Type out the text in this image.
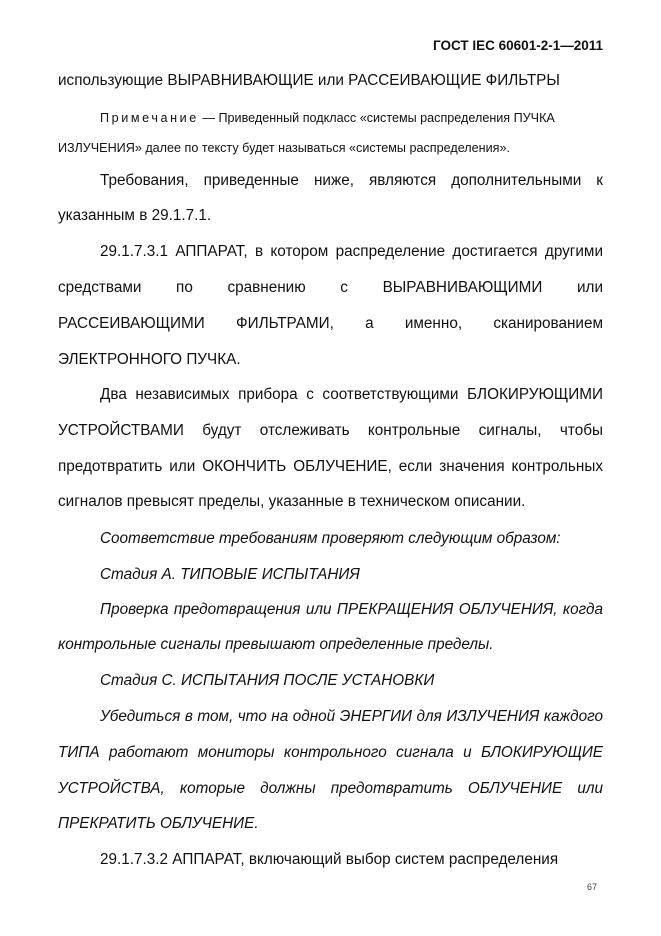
ГОСТ IEC 60601-2-1—2011
использующие ВЫРАВНИВАЮЩИЕ или РАССЕИВАЮЩИЕ ФИЛЬТРЫ
Примечание — Приведенный подкласс «системы распределения ПУЧКА
ИЗЛУЧЕНИЯ» далее по тексту будет называться «системы распределения».
Требования, приведенные ниже, являются дополнительными к
указанным в 29.1.7.1.
29.1.7.3.1 АППАРАТ, в котором распределение достигается другими
средствами по сравнению с ВЫРАВНИВАЮЩИМИ или
РАССЕИВАЮЩИМИ ФИЛЬТРАМИ, а именно, сканированием
ЭЛЕКТРОННОГО ПУЧКА.
Два независимых прибора с соответствующими БЛОКИРУЮЩИМИ
УСТРОЙСТВАМИ будут отслеживать контрольные сигналы, чтобы
предотвратить или ОКОНЧИТЬ ОБЛУЧЕНИЕ, если значения контрольных
сигналов превысят пределы, указанные в техническом описании.
Соответствие требованиям проверяют следующим образом:
Стадия А. ТИПОВЫЕ ИСПЫТАНИЯ
Проверка предотвращения или ПРЕКРАЩЕНИЯ ОБЛУЧЕНИЯ, когда
контрольные сигналы превышают определенные пределы.
Стадия С. ИСПЫТАНИЯ ПОСЛЕ УСТАНОВКИ
Убедиться в том, что на одной ЭНЕРГИИ для ИЗЛУЧЕНИЯ каждого
ТИПА работают мониторы контрольного сигнала и БЛОКИРУЮЩИЕ
УСТРОЙСТВА, которые должны предотвратить ОБЛУЧЕНИЕ или
ПРЕКРАТИТЬ ОБЛУЧЕНИЕ.
29.1.7.3.2 АППАРАТ, включающий выбор систем распределения
67
